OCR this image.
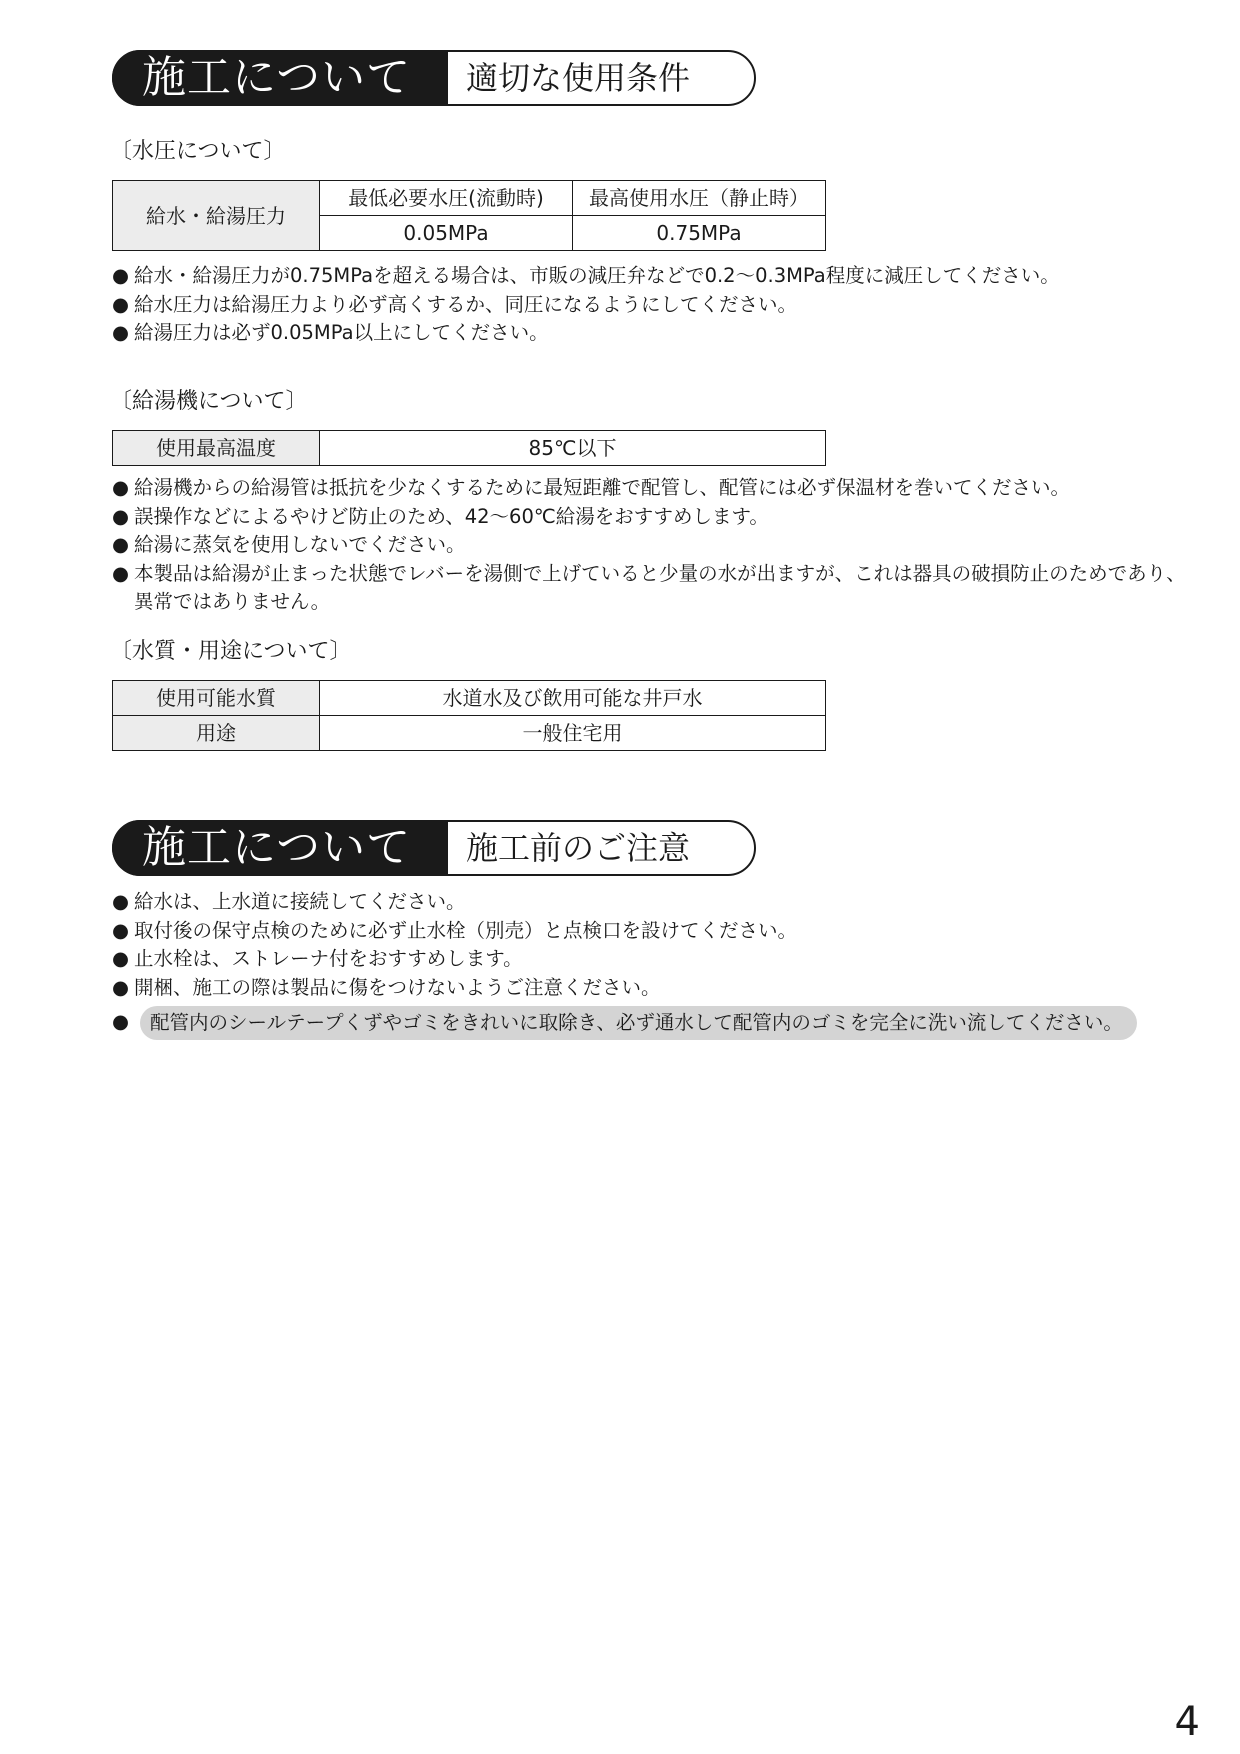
施工について 適切な使用条件
〔水圧について〕
給水・給湯圧力	最低必要水圧(流動時)	最高使用水圧（静止時）
	0.05MPa	0.75MPa
● 給水・給湯圧力が0.75MPaを超える場合は、市販の減圧弁などで0.2～0.3MPa程度に減圧してください。
● 給水圧力は給湯圧力より必ず高くするか、同圧になるようにしてください。
● 給湯圧力は必ず0.05MPa以上にしてください。
〔給湯機について〕
使用最高温度	85℃以下
● 給湯機からの給湯管は抵抗を少なくするために最短距離で配管し、配管には必ず保温材を巻いてください。
● 誤操作などによるやけど防止のため、42～60℃給湯をおすすめします。
● 給湯に蒸気を使用しないでください。
● 本製品は給湯が止まった状態でレバーを湯側で上げていると少量の水が出ますが、これは器具の破損防止のためであり、異常ではありません。
〔水質・用途について〕
使用可能水質	水道水及び飲用可能な井戸水
用途	一般住宅用
施工について 施工前のご注意
● 給水は、上水道に接続してください。
● 取付後の保守点検のために必ず止水栓（別売）と点検口を設けてください。
● 止水栓は、ストレーナ付をおすすめします。
● 開梱、施工の際は製品に傷をつけないようご注意ください。
● 配管内のシールテープくずやゴミをきれいに取除き、必ず通水して配管内のゴミを完全に洗い流してください。
4
